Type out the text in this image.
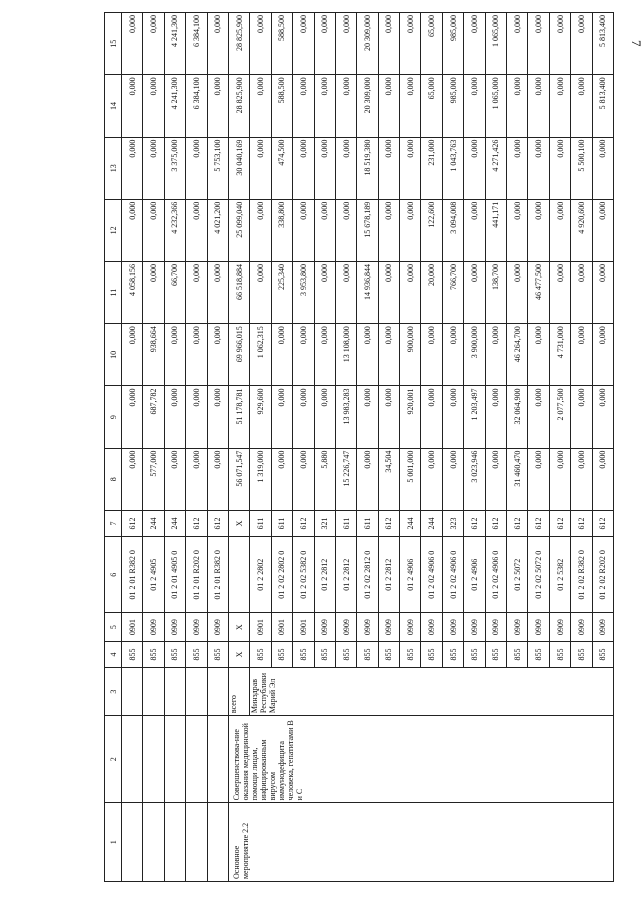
7
1	2	3	4	5	6	7	8	9	10	11	12	13	14	15
			855	0901	01 2 01 R382 0	612	0,000	0,000	0,000	4 058,156	0,000	0,000	0,000	0,000
			855	0909	01 2 4905	244	577,000	687,782	938,664	0,000	0,000	0,000	0,000	0,000
			855	0909	01 2 01 4905 0	244	0,000	0,000	0,000	66,700	4 232,366	3 375,000	4 241,300	4 241,300
			855	0909	01 2 01 R202 0	612	0,000	0,000	0,000	0,000	0,000	0,000	6 384,100	6 384,100
			855	0909	01 2 01 R382 0	612	0,000	0,000	0,000	0,000	4 021,200	5 753,100	0,000	0,000
Основное мероприятие 2.2	Совершенствова-ние оказания медицинской помощи лицам, инфицированным вирусом иммунодефицита человека, гепатитами B и C	всего	X	X		X	56 071,547	51 178,781	69 966,015	66 518,884	25 099,040	30 040,169	28 825,900	28 825,900
		Минздрав Республики Марий Эл	855	0901	01 2 2802	611	1 319,000	929,600	1 062,315	0,000	0,000	0,000	0,000	0,000
			855	0901	01 2 02 2802 0	611	0,000	0,000	0,000	225,340	338,800	474,500	588,500	588,500
			855	0901	01 2 02 5382 0	612	0,000	0,000	0,000	3 953,800	0,000	0,000	0,000	0,000
			855	0909	01 2 2812	321	5,880	0,000	0,000	0,000	0,000	0,000	0,000	0,000
			855	0909	01 2 2812	611	15 226,747	13 983,283	13 108,000	0,000	0,000	0,000	0,000	0,000
			855	0909	01 2 02 2812 0	611	0,000	0,000	0,000	14 936,844	15 678,189	18 519,380	20 309,000	20 309,000
			855	0909	01 2 2812	612	34,504	0,000	0,000	0,000	0,000	0,000	0,000	0,000
			855	0909	01 2 4906	244	5 001,000	920,001	900,000	0,000	0,000	0,000	0,000	0,000
			855	0909	01 2 02 4906 0	244	0,000	0,000	0,000	20,000	122,600	231,000	65,000	65,000
			855	0909	01 2 02 4906 0	323	0,000	0,000	0,000	766,700	3 094,008	1 043,763	985,000	985,000
			855	0909	01 2 4906	612	3 023,946	1 203,497	3 900,000	0,000	0,000	0,000	0,000	0,000
			855	0909	01 2 02 4906 0	612	0,000	0,000	0,000	138,700	441,171	4 271,426	1 065,000	1 065,000
			855	0909	01 2 5072	612	31 460,470	32 064,900	46 264,700	0,000	0,000	0,000	0,000	0,000
			855	0909	01 2 02 5072 0	612	0,000	0,000	0,000	46 477,500	0,000	0,000	0,000	0,000
			855	0909	01 2 5382	612	0,000	2 077,500	4 731,000	0,000	0,000	0,000	0,000	0,000
			855	0909	01 2 02 R382 0	612	0,000	0,000	0,000	0,000	4 920,600	5 500,100	0,000	0,000
			855	0909	01 2 02 R202 0	612	0,000	0,000	0,000	0,000	0,000	0,000	5 813,400	5 813,400
